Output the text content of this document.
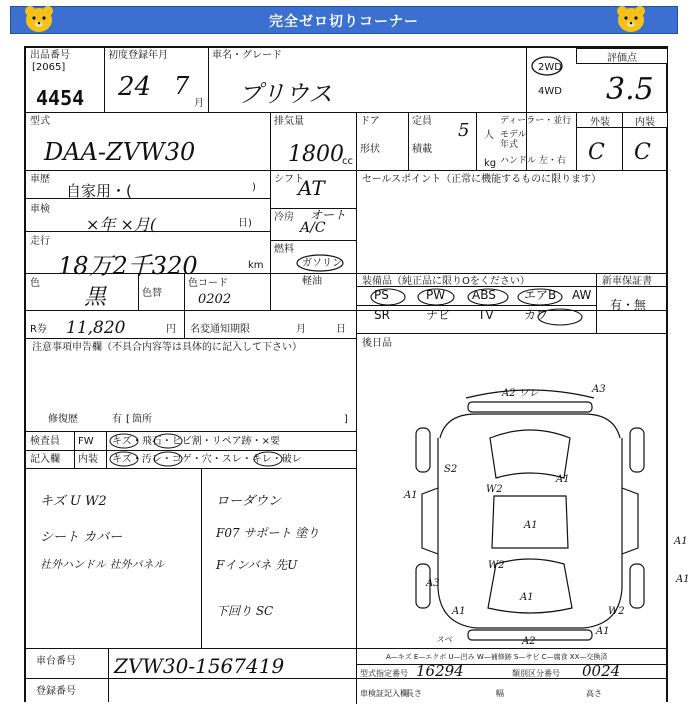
完全ゼロ切りコーナー
出品番号
[2065]
4454
初度登録年月
24 7
月
車名・グレード
プリウス
2WD
4WD
評価点
3.5
型式
DAA-ZVW30
排気量
1800
cc
ドア
形状
定員 5 人
積載
kg
ディーラー・並行
モデル
年式
ハンドル 左・右
外装	内装
C C
車歴
自家用・(	)
車検
×年 ×月(	日)
走行
18万2千320	km
シフト
AT
冷房 オート
A/C
燃料
ガソリン
軽油
セールスポイント（正常に機能するものに限ります）
色
黒	色替
色コード
0202
装備品（純正品に限りOをください）	新車保証書
有・無
PS	PW ABS エアB AW
SR	ナビ TV	カワ
後日品
R券 11,820	円 名変通知期限	月	日
注意事項申告欄（不具合内容等は具体的に記入して下さい）
修復歴	有 [ 箇所	]
検査員 FW キズ・飛石・ヒビ割・リペア跡・×要
記入欄 内装 キズ・汚レ・コゲ・穴・スレ・キレ・破レ
キズ U W2
シート カバー
社外ハンドル 社外パネル
ローダウン
F07 サポート 塗り
Fインバネ 先U
下回り SC
A2 ワレ	A3
A1
W2
S2
A1
A1
W2
A3	A1
A1
A1	W2
A1
A1
A2
スベ
車台番号 ZVW30-1567419
登録番号
A—キズ E—エクボ U—凹み W—補修跡 S—サビ C—腐食 XX—交換済
型式指定番号 16294	類別区分番号 0024
車検証記入欄
長さ	幅	高さ
